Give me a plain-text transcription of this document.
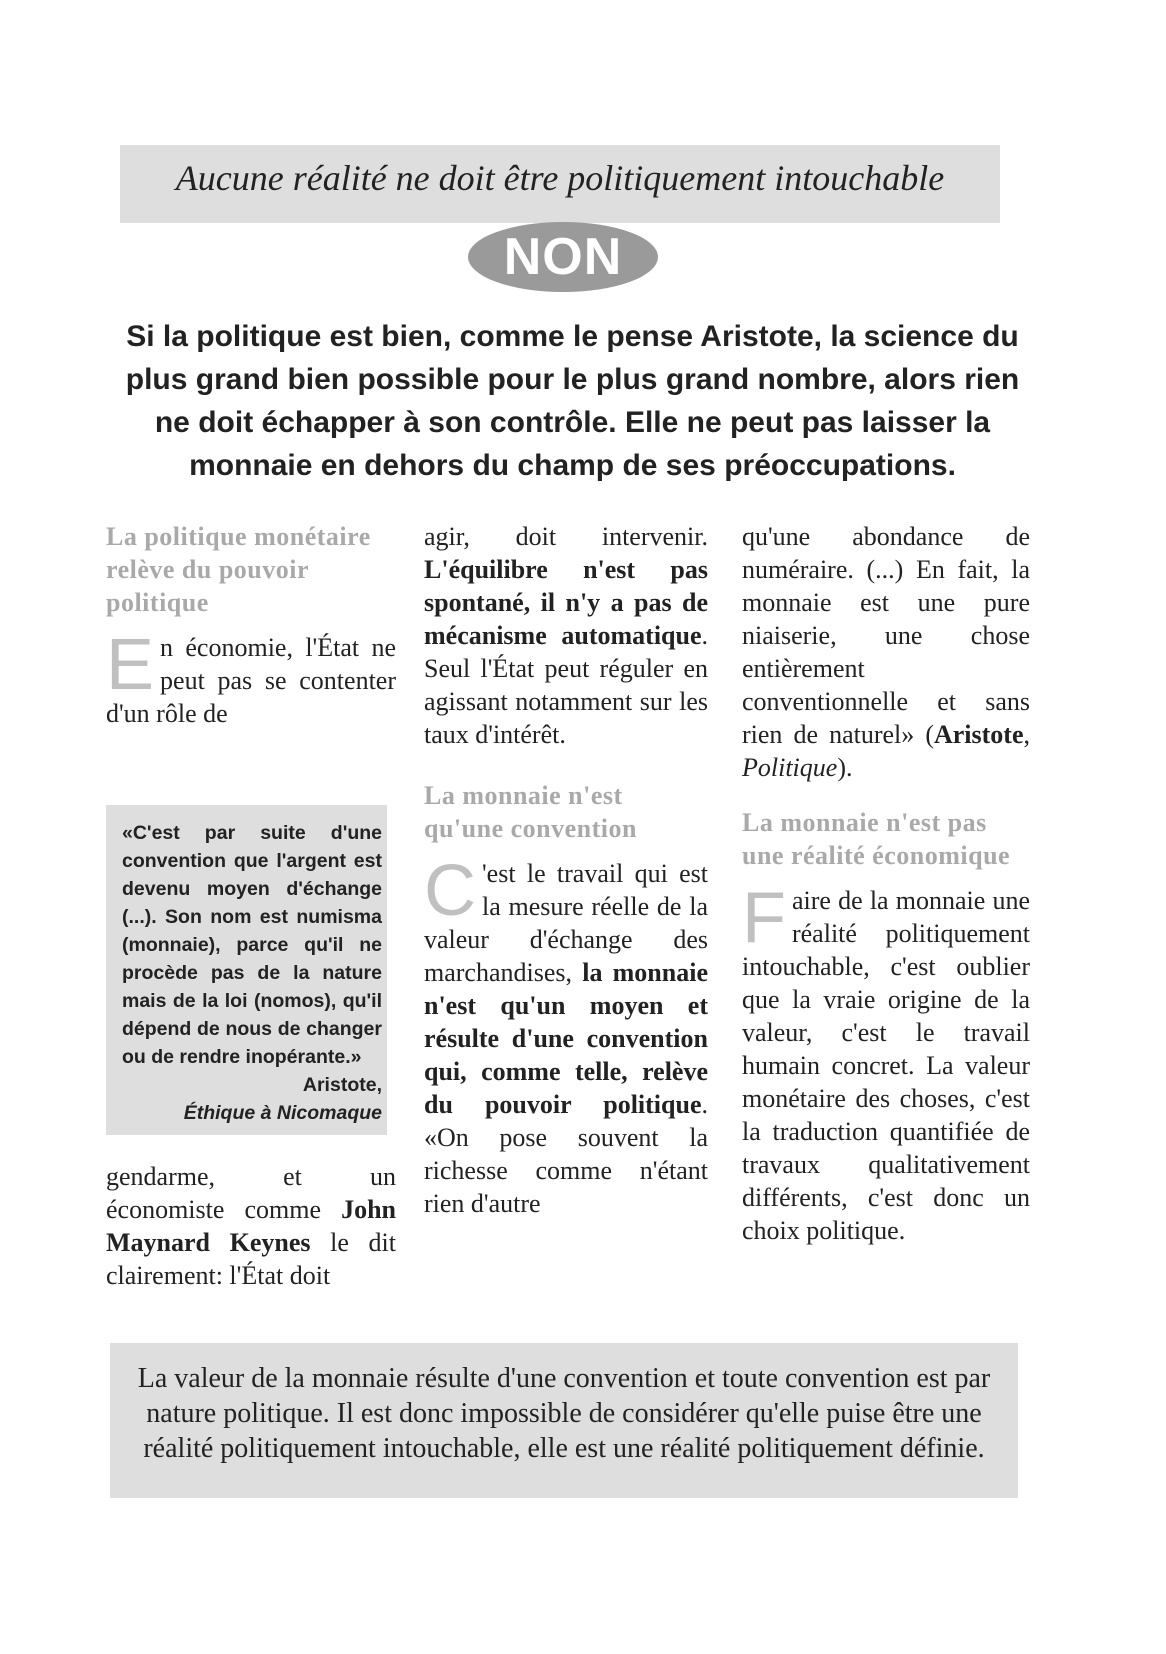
Aucune réalité ne doit être politiquement intouchable
NON
Si la politique est bien, comme le pense Aristote, la science du plus grand bien possible pour le plus grand nombre, alors rien ne doit échapper à son contrôle. Elle ne peut pas laisser la monnaie en dehors du champ de ses préoccupations.
La politique monétaire relève du pouvoir politique

En économie, l'État ne peut pas se contenter d'un rôle de

«C'est par suite d'une convention que l'argent est devenu moyen d'échange (...). Son nom est numisma (monnaie), parce qu'il ne procède pas de la nature mais de la loi (nomos), qu'il dépend de nous de changer ou de rendre inopérante.»
Aristote,
Éthique à Nicomaque

gendarme, et un économiste comme John Maynard Keynes le dit clairement: l'État doit

agir, doit intervenir. L'équilibre n'est pas spontané, il n'y a pas de mécanisme automatique. Seul l'État peut réguler en agissant notamment sur les taux d'intérêt.

La monnaie n'est qu'une convention

C 'est le travail qui est la mesure réelle de la valeur d'échange des marchandises, la monnaie n'est qu'un moyen et résulte d'une convention qui, comme telle, relève du pouvoir politique. «On pose souvent la richesse comme n'étant rien d'autre

qu'une abondance de numéraire. (...) En fait, la monnaie est une pure niaiserie, une chose entièrement conventionnelle et sans rien de naturel» (Aristote, Politique).

La monnaie n'est pas une réalité économique

Faire de la monnaie une réalité politiquement intouchable, c'est oublier que la vraie origine de la valeur, c'est le travail humain concret. La valeur monétaire des choses, c'est la traduction quantifiée de travaux qualitativement différents, c'est donc un choix politique.

La valeur de la monnaie résulte d'une convention et toute convention est par nature politique. Il est donc impossible de considérer qu'elle puise être une réalité politiquement intouchable, elle est une réalité politiquement définie.
